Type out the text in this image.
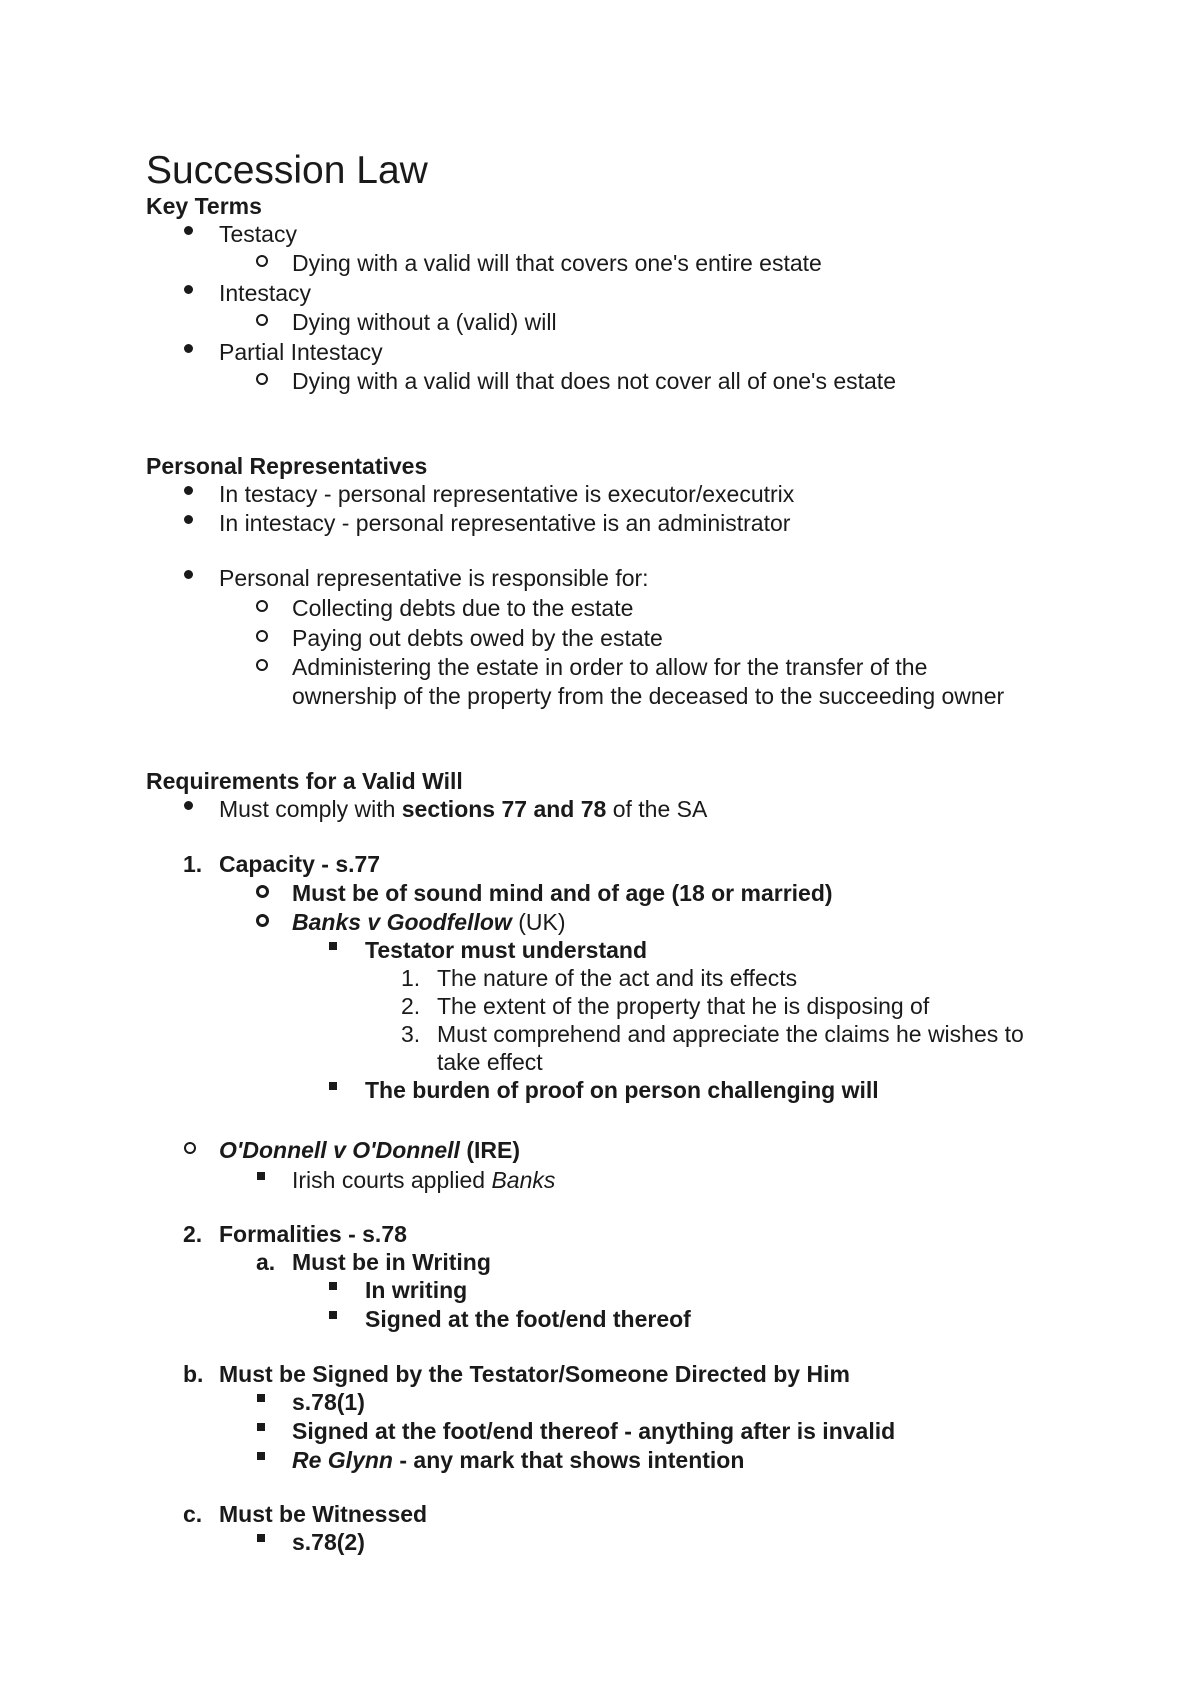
Succession Law
Key Terms
Testacy
Dying with a valid will that covers one's entire estate
Intestacy
Dying without a (valid) will
Partial Intestacy
Dying with a valid will that does not cover all of one's estate
Personal Representatives
In testacy - personal representative is executor/executrix
In intestacy - personal representative is an administrator
Personal representative is responsible for:
Collecting debts due to the estate
Paying out debts owed by the estate
Administering the estate in order to allow for the transfer of the
ownership of the property from the deceased to the succeeding owner
Requirements for a Valid Will
Must comply with sections 77 and 78 of the SA
1. Capacity - s.77
Must be of sound mind and of age (18 or married)
Banks v Goodfellow (UK)
Testator must understand
1. The nature of the act and its effects
2. The extent of the property that he is disposing of
3. Must comprehend and appreciate the claims he wishes to
take effect
The burden of proof on person challenging will
O'Donnell v O'Donnell (IRE)
Irish courts applied Banks
2. Formalities - s.78
a. Must be in Writing
In writing
Signed at the foot/end thereof
b. Must be Signed by the Testator/Someone Directed by Him
s.78(1)
Signed at the foot/end thereof - anything after is invalid
Re Glynn - any mark that shows intention
c. Must be Witnessed
s.78(2)
